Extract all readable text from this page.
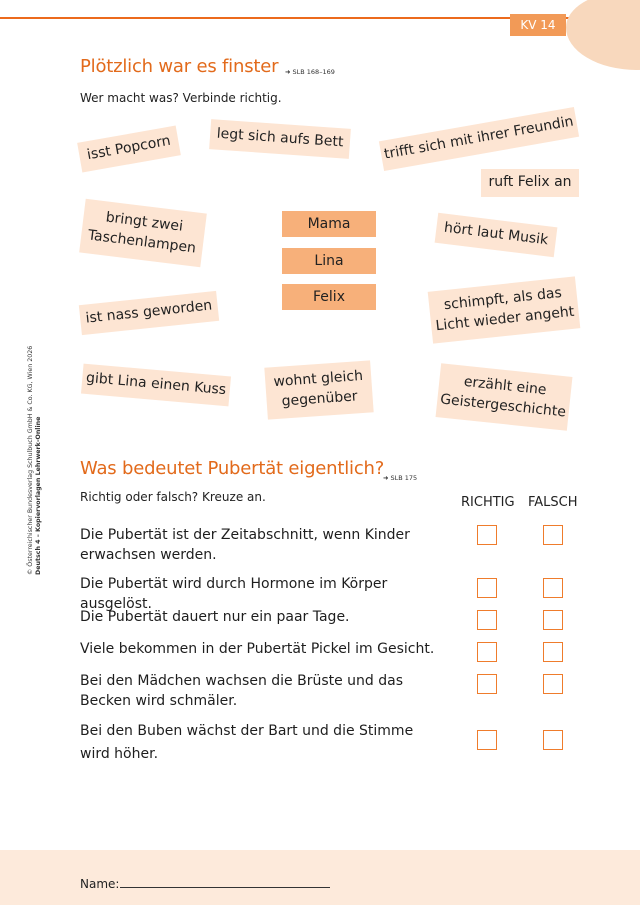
KV 14
© Österreichischer Bundesverlag Schulbuch GmbH & Co. KG, Wien 2026 Deutsch 4 – Kopiervorlagen Lehrwerk-Online
Plötzlich war es finster ➜ SLB 168–169
Wer macht was? Verbinde richtig.
isst Popcorn	legt sich aufs Bett	trifft sich mit ihrer Freundin
ruft Felix an
bringt zwei Taschenlampen	hört laut Musik
ist nass geworden	schimpft, als das Licht wieder angeht
gibt Lina einen Kuss	wohnt gleich gegenüber
erzählt eine Geistergeschichte
Mama
Lina
Felix
Was bedeutet Pubertät eigentlich?
➜ SLB 175
Richtig oder falsch? Kreuze an.	RICHTIG FALSCH
Die Pubertät ist der Zeitabschnitt, wenn Kinder erwachsen werden.
Die Pubertät wird durch Hormone im Körper ausgelöst.
Die Pubertät dauert nur ein paar Tage.
Viele bekommen in der Pubertät Pickel im Gesicht.
Bei den Mädchen wachsen die Brüste und das Becken wird schmäler.
Bei den Buben wächst der Bart und die Stimme wird höher.
Name:
